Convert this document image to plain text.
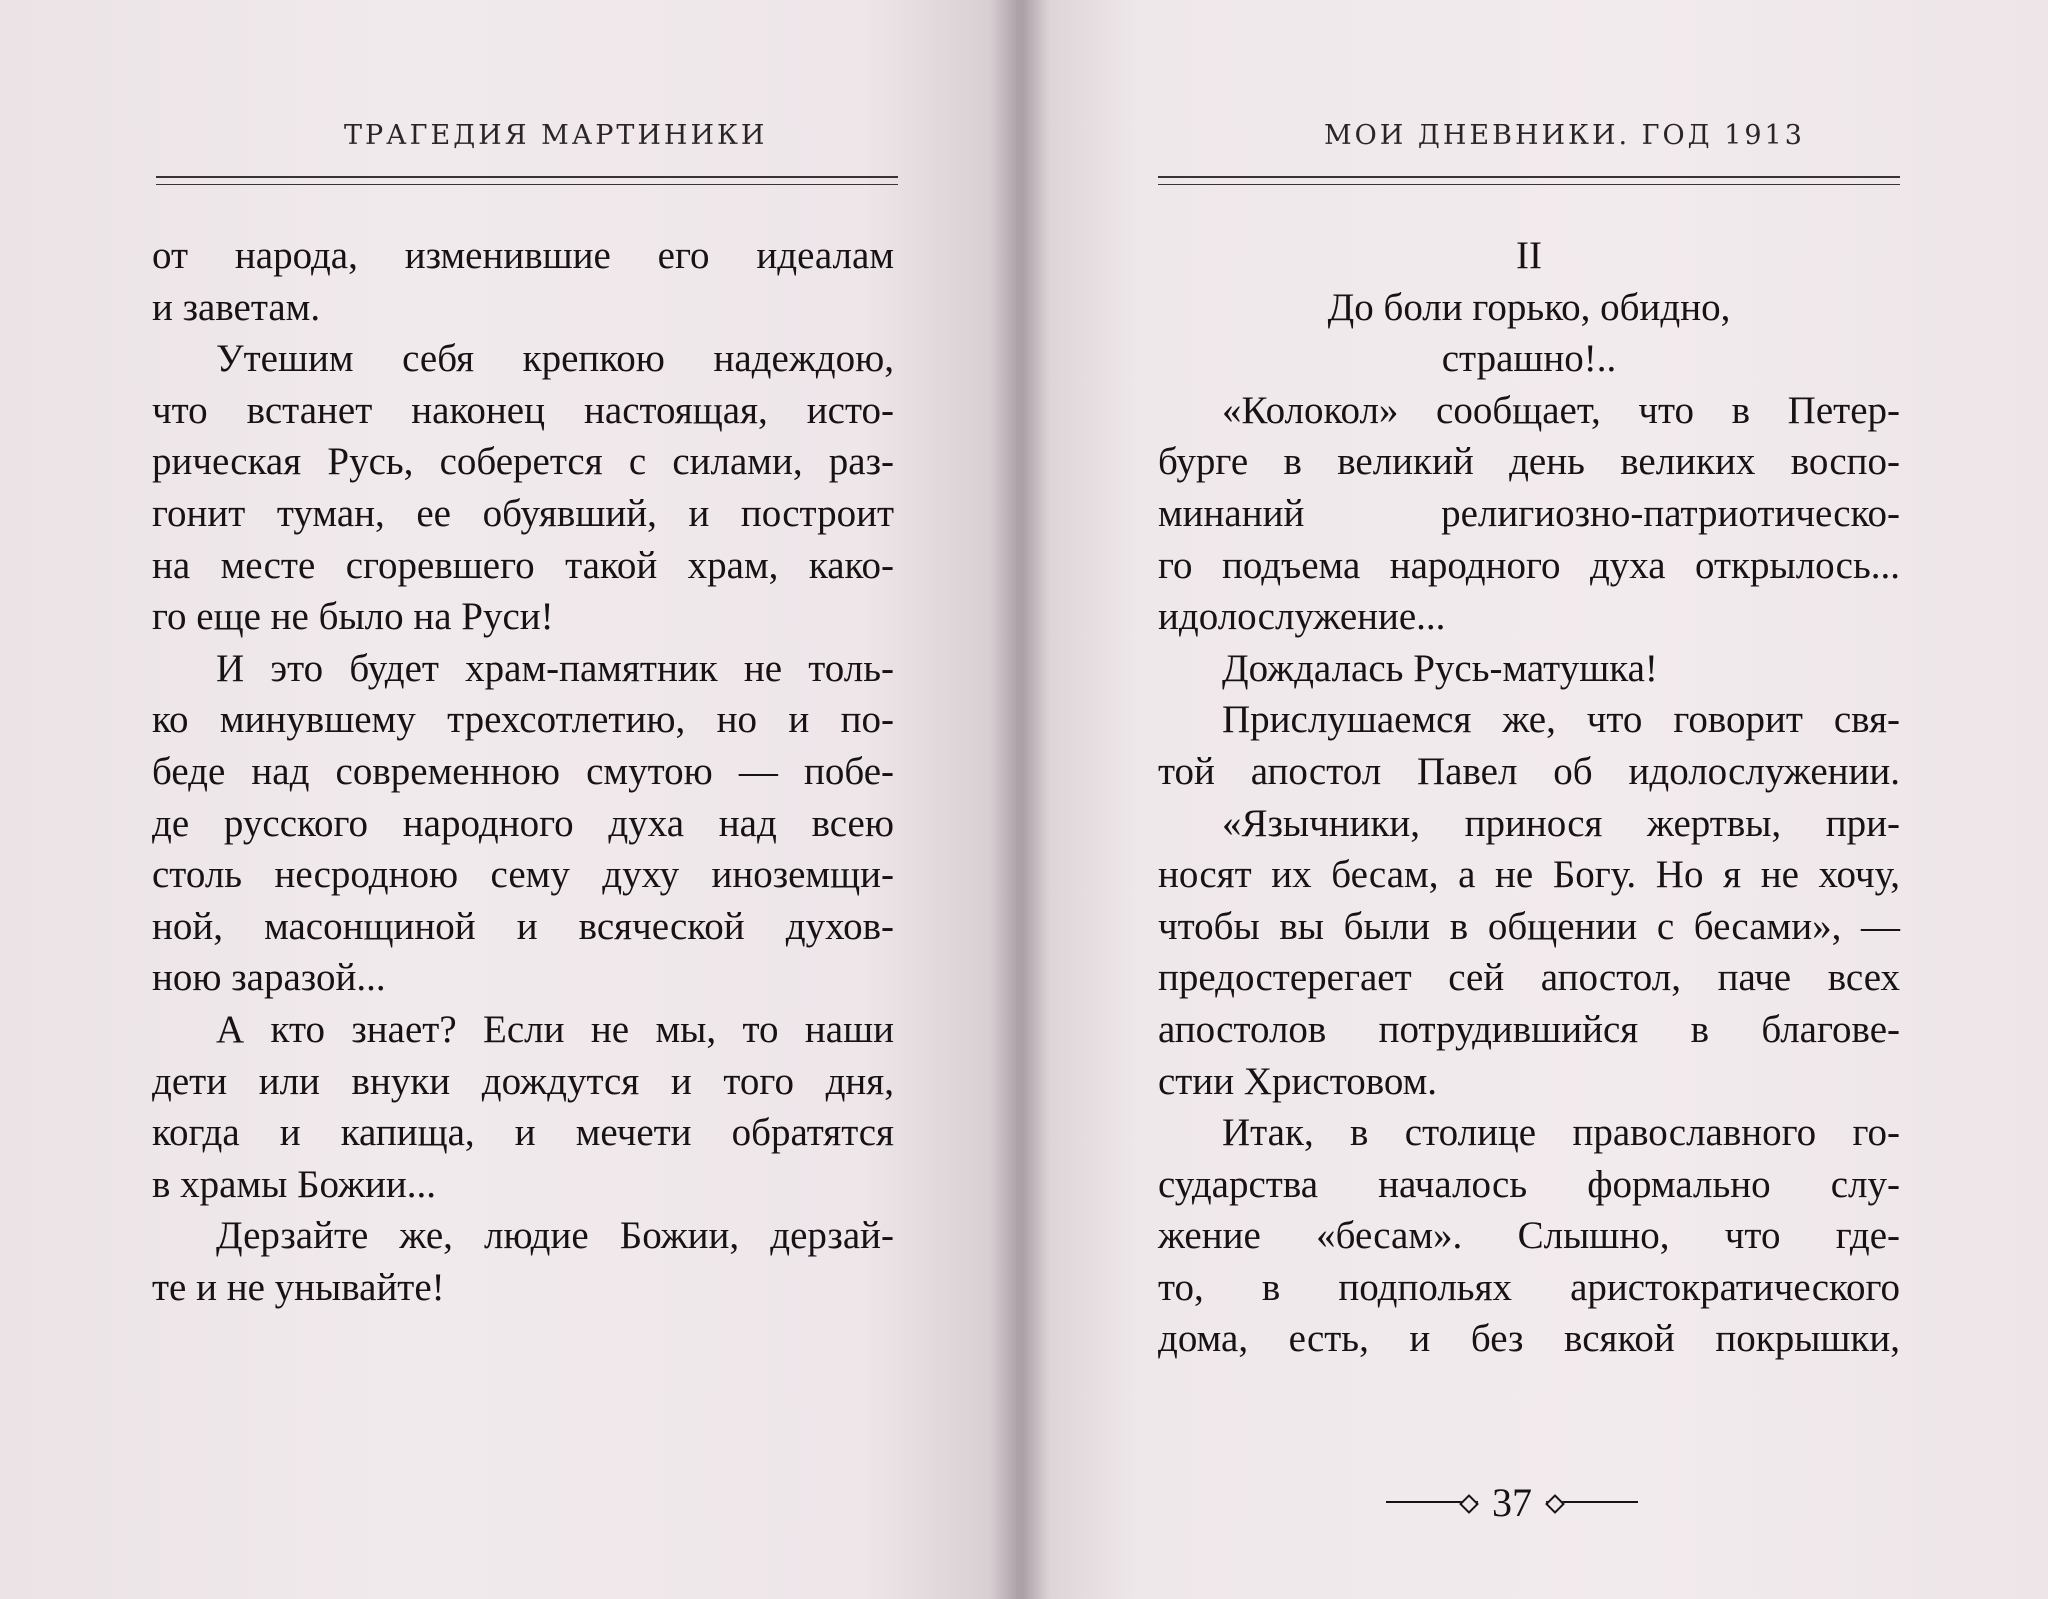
ТРАГЕДИЯ МАРТИНИКИ
от народа, изменившие его идеалам
и заветам.
Утешим себя крепкою надеждою,
что встанет наконец настоящая, исто-
рическая Русь, соберется с силами, раз-
гонит туман, ее обуявший, и построит
на месте сгоревшего такой храм, како-
го еще не было на Руси!
И это будет храм-памятник не толь-
ко минувшему трехсотлетию, но и по-
беде над современною смутою — побе-
де русского народного духа над всею
столь несродною сему духу иноземщи-
ной, масонщиной и всяческой духов-
ною заразой...
А кто знает? Если не мы, то наши
дети или внуки дождутся и того дня,
когда и капища, и мечети обратятся
в храмы Божии...
Дерзайте же, людие Божии, дерзай-
те и не унывайте!
МОИ ДНЕВНИКИ. ГОД 1913
II
До боли горько, обидно,
страшно!..
«Колокол» сообщает, что в Петер-
бурге в великий день великих воспо-
минаний религиозно-патриотическо-
го подъема народного духа открылось...
идолослужение...
Дождалась Русь-матушка!
Прислушаемся же, что говорит свя-
той апостол Павел об идолослужении.
«Язычники, принося жертвы, при-
носят их бесам, а не Богу. Но я не хочу,
чтобы вы были в общении с бесами», —
предостерегает сей апостол, паче всех
апостолов потрудившийся в благове-
стии Христовом.
Итак, в столице православного го-
сударства началось формально слу-
жение «бесам». Слышно, что где-
то, в подпольях аристократического
дома, есть, и без всякой покрышки,
37
